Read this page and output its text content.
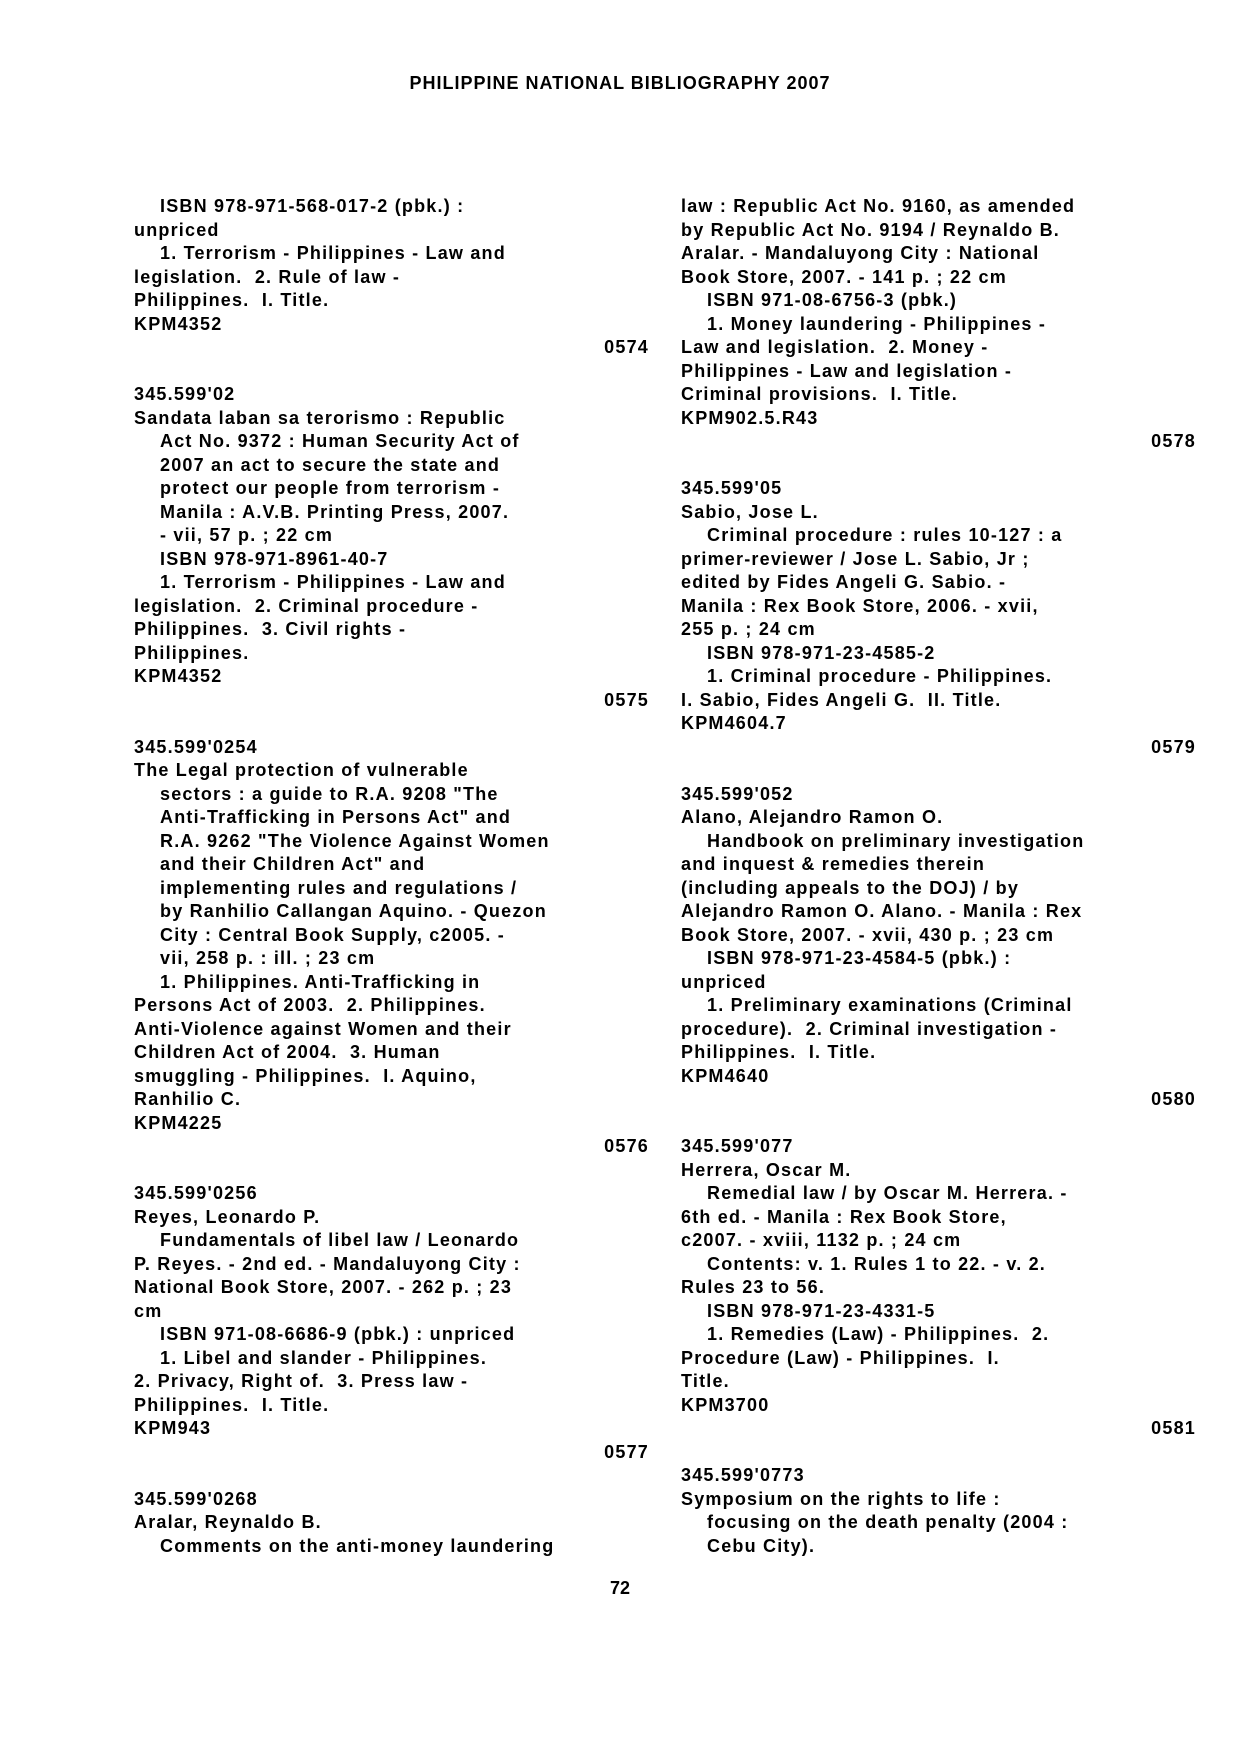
PHILIPPINE NATIONAL BIBLIOGRAPHY 2007
ISBN 978-971-568-017-2 (pbk.) :
unpriced
1. Terrorism - Philippines - Law and
legislation.  2. Rule of law -
Philippines.  I. Title.
KPM4352
0574
345.599'02
Sandata laban sa terorismo : Republic
Act No. 9372 : Human Security Act of
2007 an act to secure the state and
protect our people from terrorism -
Manila : A.V.B. Printing Press, 2007.
- vii, 57 p. ; 22 cm
ISBN 978-971-8961-40-7
1. Terrorism - Philippines - Law and
legislation.  2. Criminal procedure -
Philippines.  3. Civil rights -
Philippines.
KPM4352
0575
345.599'0254
The Legal protection of vulnerable
sectors : a guide to R.A. 9208 "The
Anti-Trafficking in Persons Act" and
R.A. 9262 "The Violence Against Women
and their Children Act" and
implementing rules and regulations /
by Ranhilio Callangan Aquino. - Quezon
City : Central Book Supply, c2005. -
vii, 258 p. : ill. ; 23 cm
1. Philippines. Anti-Trafficking in
Persons Act of 2003.  2. Philippines.
Anti-Violence against Women and their
Children Act of 2004.  3. Human
smuggling - Philippines.  I. Aquino,
Ranhilio C.
KPM4225
0576
345.599'0256
Reyes, Leonardo P.
Fundamentals of libel law / Leonardo
P. Reyes. - 2nd ed. - Mandaluyong City :
National Book Store, 2007. - 262 p. ; 23
cm
ISBN 971-08-6686-9 (pbk.) : unpriced
1. Libel and slander - Philippines.
2. Privacy, Right of.  3. Press law -
Philippines.  I. Title.
KPM943
0577
345.599'0268
Aralar, Reynaldo B.
Comments on the anti-money laundering
law : Republic Act No. 9160, as amended
by Republic Act No. 9194 / Reynaldo B.
Aralar. - Mandaluyong City : National
Book Store, 2007. - 141 p. ; 22 cm
ISBN 971-08-6756-3 (pbk.)
1. Money laundering - Philippines -
Law and legislation.  2. Money -
Philippines - Law and legislation -
Criminal provisions.  I. Title.
KPM902.5.R43
0578
345.599'05
Sabio, Jose L.
Criminal procedure : rules 10-127 : a
primer-reviewer / Jose L. Sabio, Jr ;
edited by Fides Angeli G. Sabio. -
Manila : Rex Book Store, 2006. - xvii,
255 p. ; 24 cm
ISBN 978-971-23-4585-2
1. Criminal procedure - Philippines.
I. Sabio, Fides Angeli G.  II. Title.
KPM4604.7
0579
345.599'052
Alano, Alejandro Ramon O.
Handbook on preliminary investigation
and inquest & remedies therein
(including appeals to the DOJ) / by
Alejandro Ramon O. Alano. - Manila : Rex
Book Store, 2007. - xvii, 430 p. ; 23 cm
ISBN 978-971-23-4584-5 (pbk.) :
unpriced
1. Preliminary examinations (Criminal
procedure).  2. Criminal investigation -
Philippines.  I. Title.
KPM4640
0580
345.599'077
Herrera, Oscar M.
Remedial law / by Oscar M. Herrera. -
6th ed. - Manila : Rex Book Store,
c2007. - xviii, 1132 p. ; 24 cm
Contents: v. 1. Rules 1 to 22. - v. 2.
Rules 23 to 56.
ISBN 978-971-23-4331-5
1. Remedies (Law) - Philippines.  2.
Procedure (Law) - Philippines.  I.
Title.
KPM3700
0581
345.599'0773
Symposium on the rights to life :
focusing on the death penalty (2004 :
Cebu City).
72
